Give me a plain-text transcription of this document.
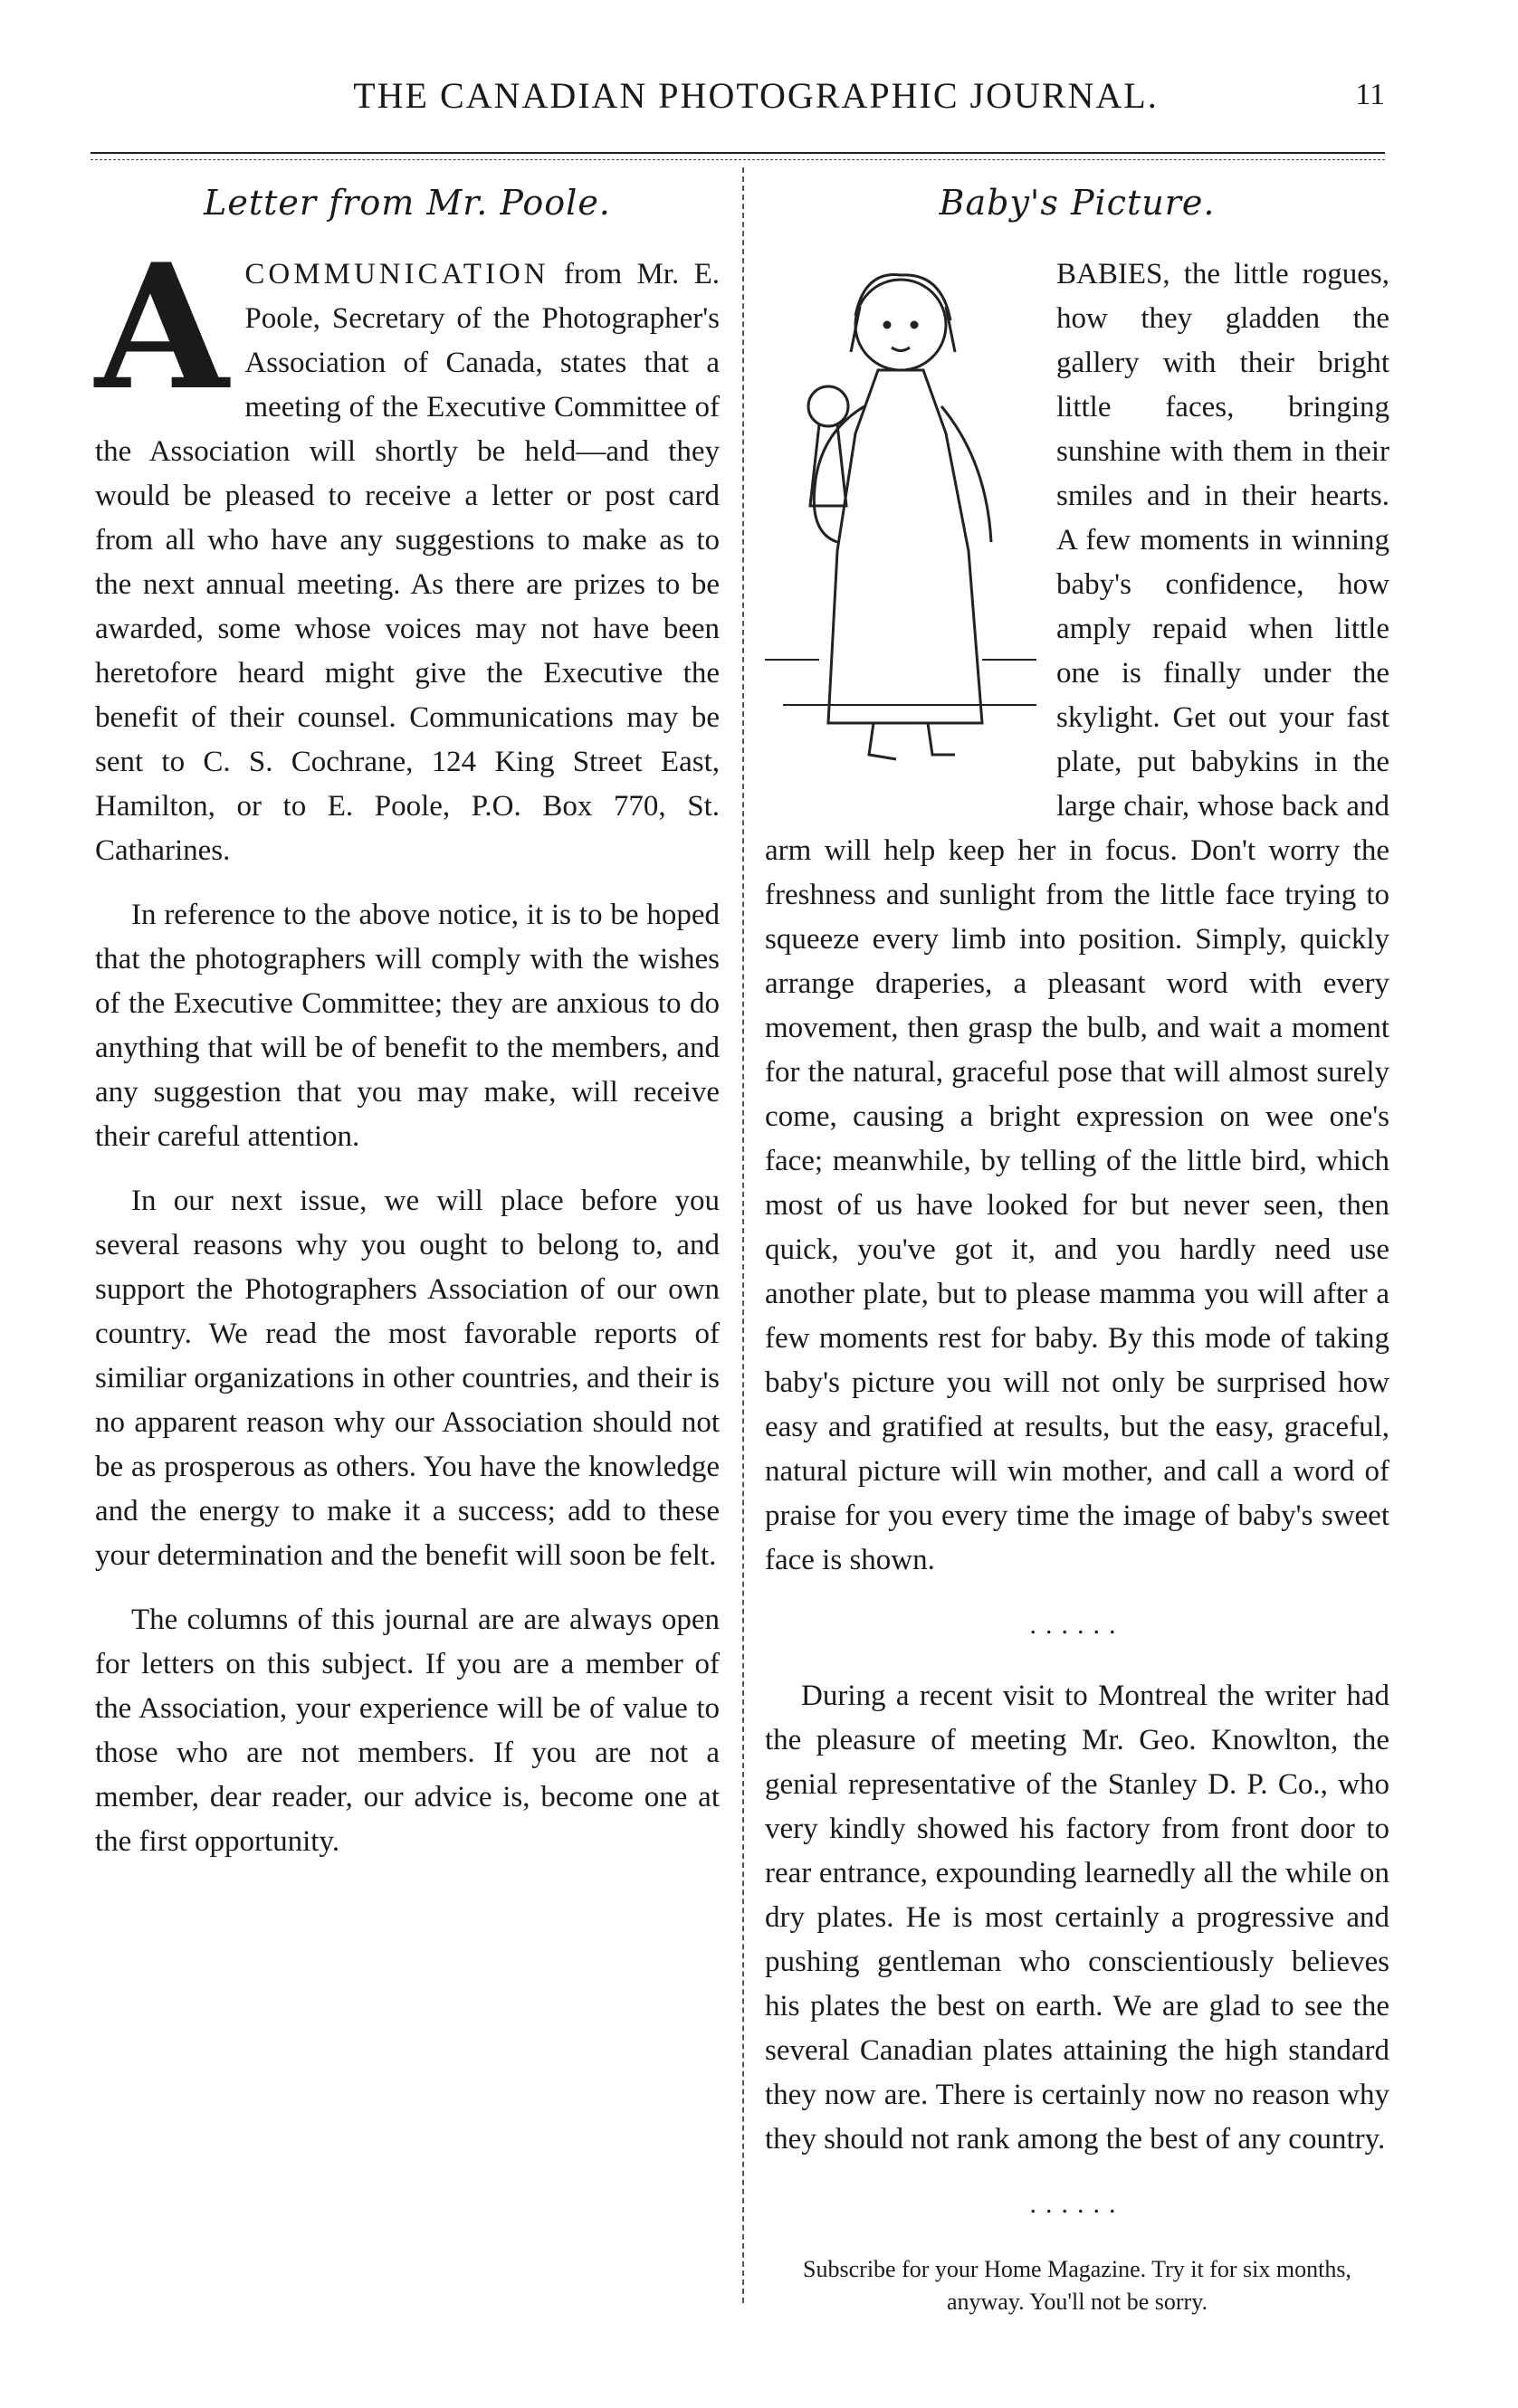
THE CANADIAN PHOTOGRAPHIC JOURNAL.	11
Letter from Mr. Poole.

ACOMMUNICATION from Mr. E. Poole, Secretary of the Photographer's Association of Canada, states that a meeting of the Executive Committee of the Association will shortly be held—and they would be pleased to receive a letter or post card from all who have any suggestions to make as to the next annual meeting. As there are prizes to be awarded, some whose voices may not have been heretofore heard might give the Executive the benefit of their counsel. Communications may be sent to C. S. Cochrane, 124 King Street East, Hamilton, or to E. Poole, P.O. Box 770, St. Catharines.

In reference to the above notice, it is to be hoped that the photographers will comply with the wishes of the Executive Committee; they are anxious to do anything that will be of benefit to the members, and any suggestion that you may make, will receive their careful attention.

In our next issue, we will place before you several reasons why you ought to belong to, and support the Photographers Association of our own country. We read the most favorable reports of similiar organizations in other countries, and their is no apparent reason why our Association should not be as prosperous as others. You have the knowledge and the energy to make it a success; add to these your determination and the benefit will soon be felt.

The columns of this journal are are always open for letters on this subject. If you are a member of the Association, your experience will be of value to those who are not members. If you are not a member, dear reader, our advice is, become one at the first opportunity.

Baby's Picture.

BABIES, the little rogues, how they gladden the gallery with their bright little faces, bringing sunshine with them in their smiles and in their hearts. A few moments in winning baby's confidence, how amply repaid when little one is finally under the skylight. Get out your fast plate, put babykins in the large chair, whose back and arm will help keep her in focus. Don't worry the freshness and sunlight from the little face trying to squeeze every limb into position. Simply, quickly arrange draperies, a pleasant word with every movement, then grasp the bulb, and wait a moment for the natural, graceful pose that will almost surely come, causing a bright expression on wee one's face; meanwhile, by telling of the little bird, which most of us have looked for but never seen, then quick, you've got it, and you hardly need use another plate, but to please mamma you will after a few moments rest for baby. By this mode of taking baby's picture you will not only be surprised how easy and gratified at results, but the easy, graceful, natural picture will win mother, and call a word of praise for you every time the image of baby's sweet face is shown.

......

During a recent visit to Montreal the writer had the pleasure of meeting Mr. Geo. Knowlton, the genial representative of the Stanley D. P. Co., who very kindly showed his factory from front door to rear entrance, expounding learnedly all the while on dry plates. He is most certainly a progressive and pushing gentleman who conscientiously believes his plates the best on earth. We are glad to see the several Canadian plates attaining the high standard they now are. There is certainly now no reason why they should not rank among the best of any country.

......

Subscribe for your Home Magazine. Try it for six months, anyway. You'll not be sorry.
